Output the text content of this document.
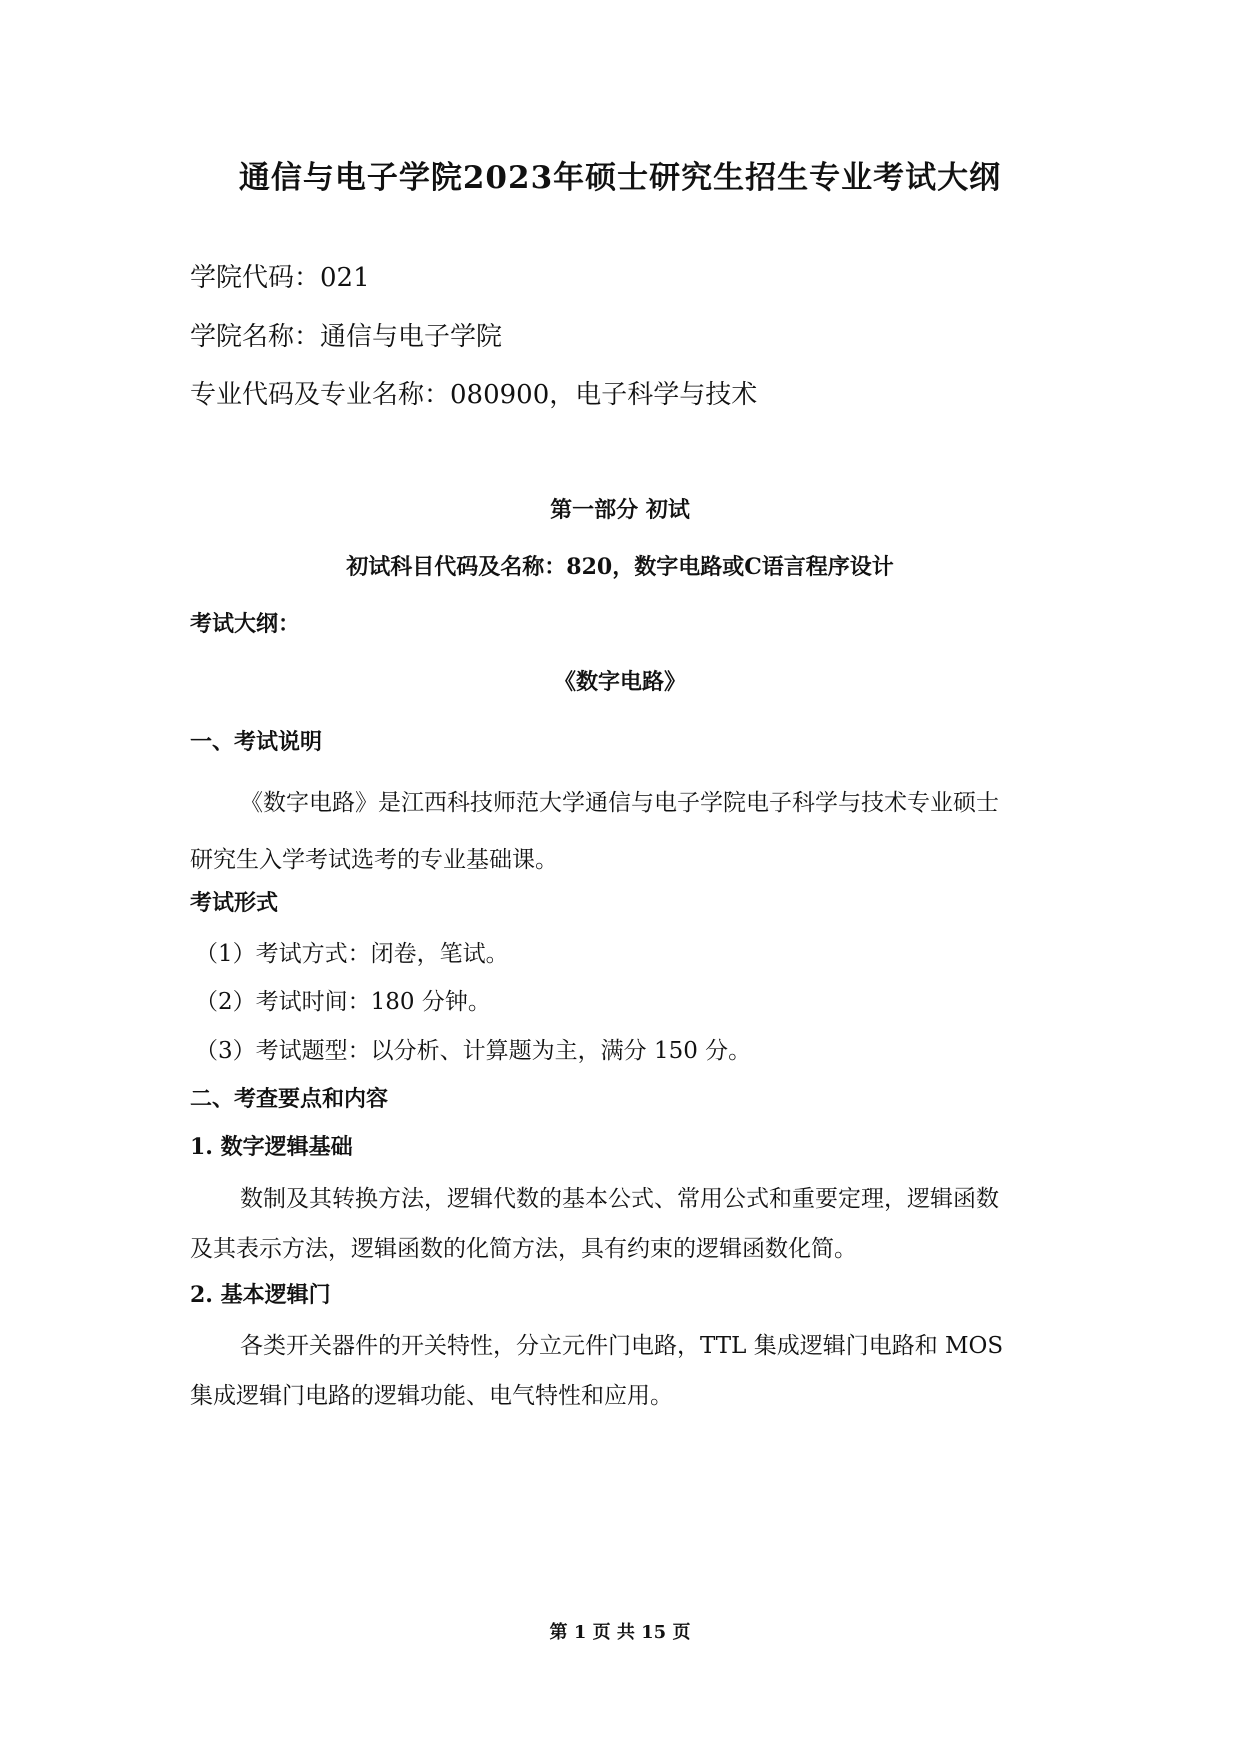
通信与电子学院2023年硕士研究生招生专业考试大纲
学院代码：021
学院名称：通信与电子学院
专业代码及专业名称：080900，电子科学与技术
第一部分 初试
初试科目代码及名称：820，数字电路或C语言程序设计
考试大纲：
《数字电路》
一、考试说明
《数字电路》是江西科技师范大学通信与电子学院电子科学与技术专业硕士
研究生入学考试选考的专业基础课。
考试形式
（1）考试方式：闭卷，笔试。
（2）考试时间：180 分钟。
（3）考试题型：以分析、计算题为主，满分 150 分。
二、考查要点和内容
1. 数字逻辑基础
数制及其转换方法，逻辑代数的基本公式、常用公式和重要定理，逻辑函数
及其表示方法，逻辑函数的化简方法，具有约束的逻辑函数化简。
2. 基本逻辑门
各类开关器件的开关特性，分立元件门电路，TTL 集成逻辑门电路和 MOS
集成逻辑门电路的逻辑功能、电气特性和应用。
第 1 页 共 15 页
